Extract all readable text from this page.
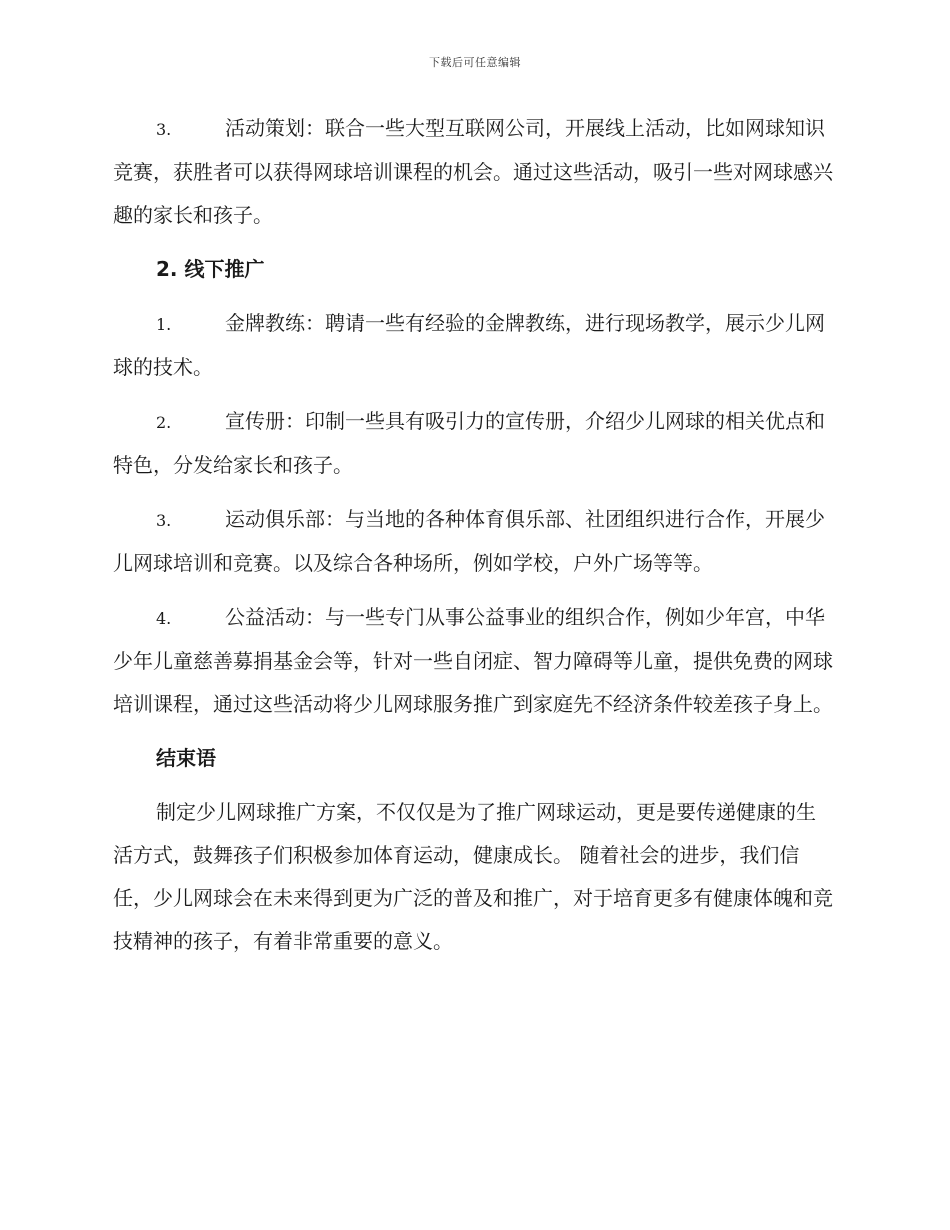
下载后可任意编辑

3.	活动策划：联合一些大型互联网公司，开展线上活动，比如网球知识竞赛，获胜者可以获得网球培训课程的机会。通过这些活动，吸引一些对网球感兴趣的家长和孩子。

2. 线下推广

1.	金牌教练：聘请一些有经验的金牌教练，进行现场教学，展示少儿网球的技术。

2.	宣传册：印制一些具有吸引力的宣传册，介绍少儿网球的相关优点和特色，分发给家长和孩子。

3.	运动俱乐部：与当地的各种体育俱乐部、社团组织进行合作，开展少儿网球培训和竞赛。以及综合各种场所，例如学校，户外广场等等。

4.	公益活动：与一些专门从事公益事业的组织合作，例如少年宫，中华少年儿童慈善募捐基金会等，针对一些自闭症、智力障碍等儿童，提供免费的网球培训课程，通过这些活动将少儿网球服务推广到家庭先不经济条件较差孩子身上。

结束语

制定少儿网球推广方案，不仅仅是为了推广网球运动，更是要传递健康的生活方式，鼓舞孩子们积极参加体育运动，健康成长。 随着社会的进步，我们信任，少儿网球会在未来得到更为广泛的普及和推广，对于培育更多有健康体魄和竞技精神的孩子，有着非常重要的意义。
